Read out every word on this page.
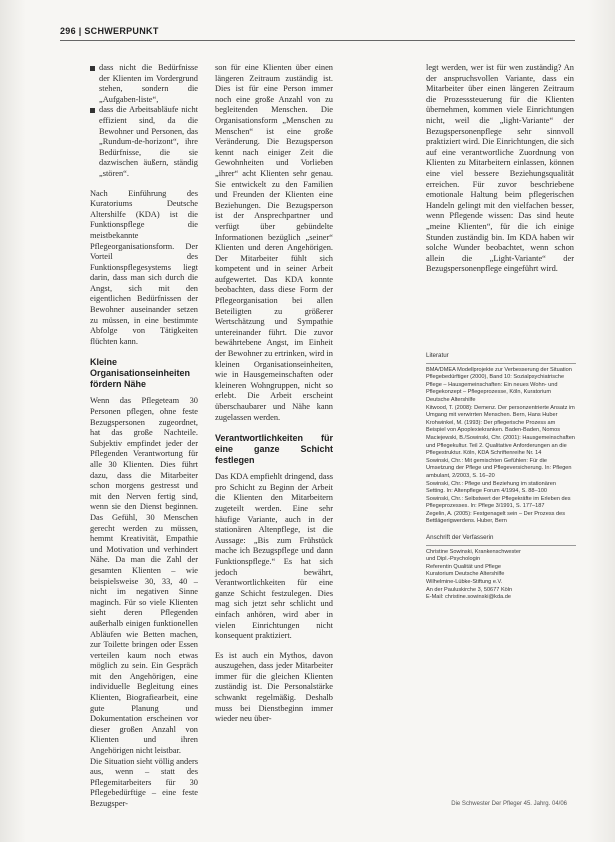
296 | SCHWERPUNKT

dass nicht die Bedürfnisse der Klienten im Vordergrund stehen, sondern die „Aufgaben-liste“,

dass die Arbeitsabläufe nicht effizient sind, da die Bewohner und Personen, das „Rundum-de-horizont“, ihre Bedürfnisse, die sie dazwischen äußern, ständig „stören“.

Nach Einführung des Kuratoriums Deutsche Altershilfe (KDA) ist die Funktionspflege die meistbekannte Pflegeorganisationsform. Der Vorteil des Funktionspflegesystems liegt darin, dass man sich durch die Angst, sich mit den eigentlichen Bedürfnissen der Bewohner auseinander setzen zu müssen, in eine bestimmte Abfolge von Tätigkeiten flüchten kann.

Kleine Organisationseinheiten fördern Nähe

Wenn das Pflegeteam 30 Personen pflegen, ohne feste Bezugspersonen zugeordnet, hat das große Nachteile. Subjektiv empfindet jeder der Pflegenden Verantwortung für alle 30 Klienten. Dies führt dazu, dass die Mitarbeiter schon morgens gestresst und mit den Nerven fertig sind, wenn sie den Dienst beginnen. Das Gefühl, 30 Menschen gerecht werden zu müssen, hemmt Kreativität, Empathie und Motivation und verhindert Nähe. Da man die Zahl der gesamten Klienten – wie beispielsweise 30, 33, 40 – nicht im negativen Sinne maginch. Für so viele Klienten sieht deren Pflegenden außerhalb einigen funktionellen Abläufen wie Betten machen, zur Toilette bringen oder Essen verteilen kaum noch etwas möglich zu sein. Ein Gespräch mit den Angehörigen, eine individuelle Begleitung eines Klienten, Biografiearbeit, eine gute Planung und Dokumentation erscheinen vor dieser großen Anzahl von Klienten und ihren Angehörigen nicht leistbar.

Die Situation sieht völlig anders aus, wenn – statt des Pflegemitarbeiters für 30 Pflegebedürftige – eine feste Bezugsper-

son für eine Klienten über einen längeren Zeitraum zuständig ist. Dies ist für eine Person immer noch eine große Anzahl von zu begleitenden Menschen. Die Organisationsform „Menschen zu Menschen“ ist eine große Veränderung. Die Bezugsperson kennt nach einiger Zeit die Gewohnheiten und Vorlieben „ihrer“ acht Klienten sehr genau. Sie entwickelt zu den Familien und Freunden der Klienten eine Beziehungen. Die Bezugsperson ist der Ansprechpartner und verfügt über gebündelte Informationen bezüglich „seiner“ Klienten und deren Angehörigen. Der Mitarbeiter fühlt sich kompetent und in seiner Arbeit aufgewertet. Das KDA konnte beobachten, dass diese Form der Pflegeorganisation bei allen Beteiligten zu größerer Wertschätzung und Sympathie untereinander führt. Die zuvor bewährtebene Angst, im Einheit der Bewohner zu ertrinken, wird in kleinen Organisationseinheiten, wie in Hausgemeinschaften oder kleineren Wohngruppen, nicht so erlebt. Die Arbeit erscheint überschaubarer und Nähe kann zugelassen werden.

Verantwortlichkeiten für eine ganze Schicht festlegen

Das KDA empfiehlt dringend, dass pro Schicht zu Beginn der Arbeit die Klienten den Mitarbeitern zugeteilt werden. Eine sehr häufige Variante, auch in der stationären Altenpflege, ist die Aussage: „Bis zum Frühstück mache ich Bezugspflege und dann Funktionspflege.“ Es hat sich jedoch bewährt, Verantwortlichkeiten für eine ganze Schicht festzulegen. Dies mag sich jetzt sehr schlicht und einfach anhören, wird aber in vielen Einrichtungen nicht konsequent praktiziert.

Es ist auch ein Mythos, davon auszugehen, dass jeder Mitarbeiter immer für die gleichen Klienten zuständig ist. Die Personalstärke schwankt regelmäßig. Deshalb muss bei Dienstbeginn immer wieder neu über-

legt werden, wer ist für wen zuständig? An der anspruchsvollen Variante, dass ein Mitarbeiter über einen längeren Zeitraum die Prozesssteuerung für die Klienten übernehmen, kommen viele Einrichtungen nicht, weil die „light-Variante“ der Bezugspersonenpflege sehr sinnvoll praktiziert wird. Die Einrichtungen, die sich auf eine verantwortliche Zuordnung von Klienten zu Mitarbeitern einlassen, können eine viel bessere Beziehungsqualität erreichen. Für zuvor beschriebene emotionale Haltung beim pflegerischen Handeln gelingt mit den vielfachen besser, wenn Pflegende wissen: Das sind heute „meine Klienten“, für die ich einige Stunden zuständig bin. Im KDA haben wir solche Wunder beobachtet, wenn schon allein die „Light-Variante“ der Bezugspersonenpflege eingeführt wird.

Literatur
BMA/DMEA Modellprojekte zur Verbesserung der Situation Pflegebedürftiger (2000), Band 10: Sozialpsychiatrische Pflege – Hausgemeinschaften: Ein neues Wohn- und Pflegekonzept – Pflegeprozesse, Köln, Kuratorium Deutsche Altershilfe
Kitwood, T. (2008): Demenz. Der personzentrierte Ansatz im Umgang mit verwirrten Menschen. Bern, Hans Huber
Krohwinkel, M. (1993): Der pflegerische Prozess am Beispiel von Apoplexiekranken. Baden-Baden, Nomos
Maciejewski, B./Sowinski, Chr. (2001): Hausgemeinschaften und Pflegekultur. Teil 2. Qualitative Anforderungen an die Pflegestruktur. Köln, KDA Schriftenreihe Nr. 14
Sowinski, Chr.: Mit gemischten Gefühlen: Für die Umsetzung der Pflege und Pflegeversicherung. In: Pflegen ambulant, 2/2003, S. 16–20
Sowinski, Chr.: Pflege und Beziehung im stationären Setting. In: Altenpflege Forum 4/1994, S. 88–100
Sowinski, Chr.: Selbstwert der Pflegekräfte im Erleben des Pflegeprozesses. In: Pflege 3/1991, S. 177–187
Zegelin, A. (2005): Festgenagelt sein – Der Prozess des Bettlägerigwerdens. Huber, Bern
Anschrift der Verfasserin
Christine Sowinski, Krankenschwester
und Dipl.-Psychologin
Referentin Qualität und Pflege
Kuratorium Deutsche Altershilfe
Wilhelmine-Lübke-Stiftung e.V.
An der Pauluskirche 3, 50677 Köln
E-Mail: christine.sowinski@kda.de
Die Schwester Der Pfleger 45. Jahrg. 04/06
